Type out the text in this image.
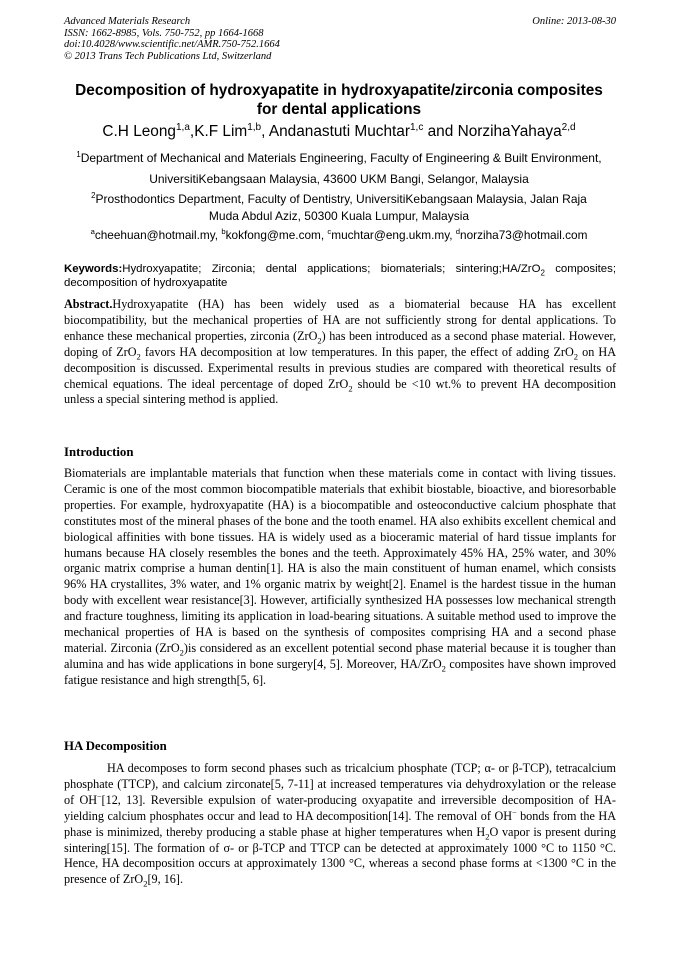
Advanced Materials Research
ISSN: 1662-8985, Vols. 750-752, pp 1664-1668
doi:10.4028/www.scientific.net/AMR.750-752.1664
© 2013 Trans Tech Publications Ltd, Switzerland
Online: 2013-08-30
Decomposition of hydroxyapatite in hydroxyapatite/zirconia composites
for dental applications
C.H Leong$^{1,a}$,K.F Lim$^{1,b}$, Andanastuti Muchtar$^{1,c}$ and NorzihaYahaya$^{2,d}$
$^1$Department of Mechanical and Materials Engineering, Faculty of Engineering & Built Environment,
UniversitiKebangsaan Malaysia, 43600 UKM Bangi, Selangor, Malaysia
$^2$Prosthodontics Department, Faculty of Dentistry, UniversitiKebangsaan Malaysia, Jalan Raja
Muda Abdul Aziz, 50300 Kuala Lumpur, Malaysia
$^a$cheehuan@hotmail.my, $^b$kokfong@me.com, $^c$muchtar@eng.ukm.my, $^d$norziha73@hotmail.com
Keywords:Hydroxyapatite; Zirconia; dental applications; biomaterials; sintering;HA/ZrO$_2$ composites; decomposition of hydroxyapatite

Abstract.Hydroxyapatite (HA) has been widely used as a biomaterial because HA has excellent biocompatibility, but the mechanical properties of HA are not sufficiently strong for dental applications. To enhance these mechanical properties, zirconia (ZrO$_2$) has been introduced as a second phase material. However, doping of ZrO$_2$ favors HA decomposition at low temperatures. In this paper, the effect of adding ZrO$_2$ on HA decomposition is discussed. Experimental results in previous studies are compared with theoretical results of chemical equations. The ideal percentage of doped ZrO$_2$ should be <10 wt.% to prevent HA decomposition unless a special sintering method is applied.

Introduction

Biomaterials are implantable materials that function when these materials come in contact with living tissues. Ceramic is one of the most common biocompatible materials that exhibit biostable, bioactive, and bioresorbable properties. For example, hydroxyapatite (HA) is a biocompatible and osteoconductive calcium phosphate that constitutes most of the mineral phases of the bone and the tooth enamel. HA also exhibits excellent chemical and biological affinities with bone tissues. HA is widely used as a bioceramic material of hard tissue implants for humans because HA closely resembles the bones and the teeth. Approximately 45% HA, 25% water, and 30% organic matrix comprise a human dentin[1]. HA is also the main constituent of human enamel, which consists 96% HA crystallites, 3% water, and 1% organic matrix by weight[2]. Enamel is the hardest tissue in the human body with excellent wear resistance[3]. However, artificially synthesized HA possesses low mechanical strength and fracture toughness, limiting its application in load-bearing situations. A suitable method used to improve the mechanical properties of HA is based on the synthesis of composites comprising HA and a second phase material. Zirconia (ZrO$_2$)is considered as an excellent potential second phase material because it is tougher than alumina and has wide applications in bone surgery[4, 5]. Moreover, HA/ZrO$_2$ composites have shown improved fatigue resistance and high strength[5, 6].

HA Decomposition

HA decomposes to form second phases such as tricalcium phosphate (TCP; α- or β-TCP), tetracalcium phosphate (TTCP), and calcium zirconate[5, 7-11] at increased temperatures via dehydroxylation or the release of OH−[12, 13]. Reversible expulsion of water-producing oxyapatite and irreversible decomposition of HA-yielding calcium phosphates occur and lead to HA decomposition[14]. The removal of OH− bonds from the HA phase is minimized, thereby producing a stable phase at higher temperatures when $H_2O$ vapor is present during sintering[15]. The formation of σ- or β-TCP and TTCP can be detected at approximately 1000 °C to 1150 °C. Hence, HA decomposition occurs at approximately 1300 °C, whereas a second phase forms at <1300 °C in the presence of ZrO$_2$[9, 16].
